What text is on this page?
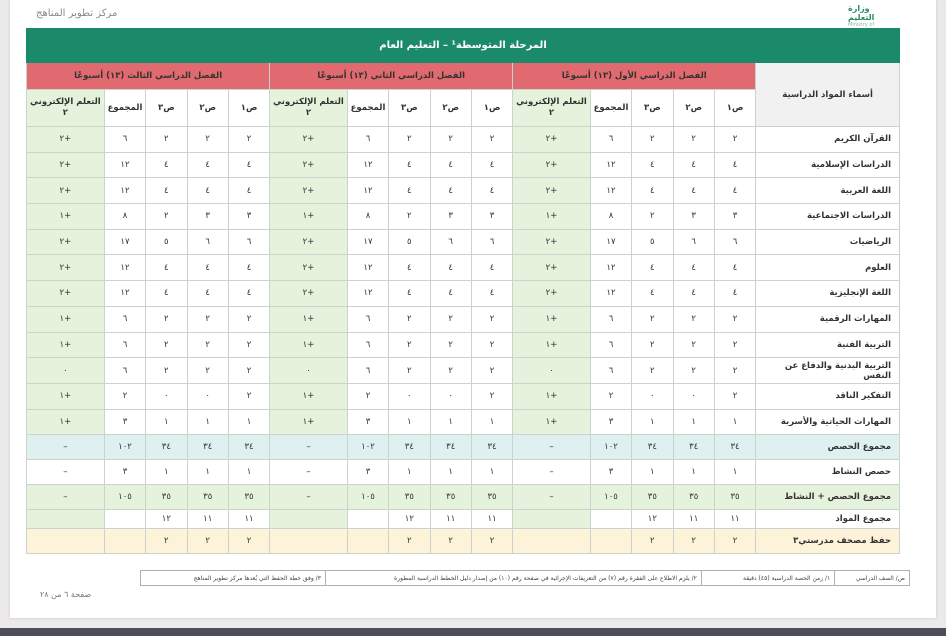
مركز تطوير المناهج	وزارة التعليم
Ministry of
المرحلة المتوسطة¹ – التعليم العام															
أسماء المواد الدراسية	الفصل الدراسي الأول (١٣) أسبوعًا					الفصل الدراسي الثاني (١٣) أسبوعًا					الفصل الدراسي الثالث (١٣) أسبوعًا				
	ص١	ص٢	ص٣	المجموع	التعلم الإلكتروني ٢	ص١	ص٢	ص٣	المجموع	التعلم الإلكتروني ٢	ص١	ص٢	ص٣	المجموع	التعلم الإلكتروني ٢
القرآن الكريم	٢	٢	٢	٦	+٢	٢	٢	٢	٦	+٢	٢	٢	٢	٦	+٢
الدراسات الإسلامية	٤	٤	٤	١٢	+٢	٤	٤	٤	١٢	+٢	٤	٤	٤	١٢	+٢
اللغة العربية	٤	٤	٤	١٢	+٢	٤	٤	٤	١٢	+٢	٤	٤	٤	١٢	+٢
الدراسات الاجتماعية	٣	٣	٢	٨	+١	٣	٣	٢	٨	+١	٣	٣	٢	٨	+١
الرياضيات	٦	٦	٥	١٧	+٢	٦	٦	٥	١٧	+٢	٦	٦	٥	١٧	+٢
العلوم	٤	٤	٤	١٢	+٢	٤	٤	٤	١٢	+٢	٤	٤	٤	١٢	+٢
اللغة الإنجليزية	٤	٤	٤	١٢	+٢	٤	٤	٤	١٢	+٢	٤	٤	٤	١٢	+٢
المهارات الرقمية	٢	٢	٢	٦	+١	٢	٢	٢	٦	+١	٢	٢	٢	٦	+١
التربية الفنية	٢	٢	٢	٦	+١	٢	٢	٢	٦	+١	٢	٢	٢	٦	+١
التربية البدنية والدفاع عن النفس	٢	٢	٢	٦	٠	٢	٢	٢	٦	٠	٢	٢	٢	٦	٠
التفكير الناقد	٢	٠	٠	٢	+١	٢	٠	٠	٢	+١	٢	٠	٠	٢	+١
المهارات الحياتية والأسرية	١	١	١	٣	+١	١	١	١	٣	+١	١	١	١	٣	+١
مجموع الحصص	٣٤	٣٤	٣٤	١٠٢	–	٣٤	٣٤	٣٤	١٠٢	–	٣٤	٣٤	٣٤	١٠٢	–
حصص النشاط	١	١	١	٣	–	١	١	١	٣	–	١	١	١	٣	–
مجموع الحصص + النشاط	٣٥	٣٥	٣٥	١٠٥	–	٣٥	٣٥	٣٥	١٠٥	–	٣٥	٣٥	٣٥	١٠٥	–
مجموع المواد	١١	١١	١٢			١١	١١	١٢			١١	١١	١٢		
حفظ مصحف مدرستي٣	٢	٢	٢			٢	٢	٢			٢	٢	٢		
ص/ الصف الدراسي	١/ زمن الحصة الدراسية (٤٥) دقيقة	٢/ يلزم الاطلاع على الفقرة رقم (٧) من التعريفات الإجرائية في صفحة رقم (١٠) من إصدار دليل الخطط الدراسية المطورة	٣/ وفق خطة الحفظ التي يُعدها مركز تطوير المناهج
صفحة ٦ من ٢٨
